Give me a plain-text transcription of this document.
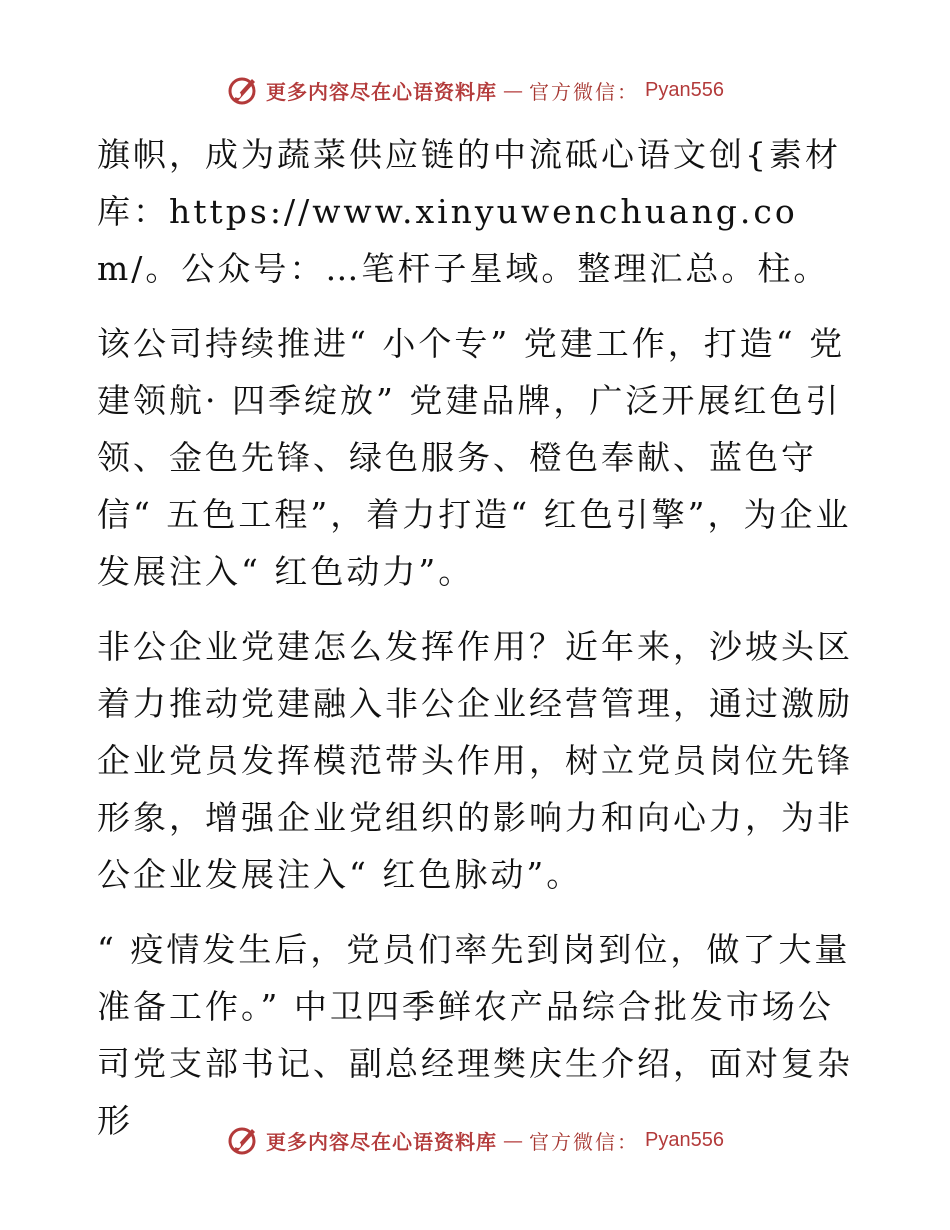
更多内容尽在心语资料库 — 官方微信： Pyan556

旗帜，成为蔬菜供应链的中流砥心语文创{素材库：https://www.xinyuwenchuang.com/。公众号：…笔杆子星域。整理汇总。柱。

该公司持续推进“ 小个专” 党建工作，打造“ 党建领航· 四季绽放” 党建品牌，广泛开展红色引领、金色先锋、绿色服务、橙色奉献、蓝色守信“ 五色工程”，着力打造“ 红色引擎”，为企业发展注入“ 红色动力”。

非公企业党建怎么发挥作用？近年来，沙坡头区着力推动党建融入非公企业经营管理，通过激励企业党员发挥模范带头作用，树立党员岗位先锋形象，增强企业党组织的影响力和向心力，为非公企业发展注入“ 红色脉动”。

“ 疫情发生后，党员们率先到岗到位，做了大量准备工作。” 中卫四季鲜农产品综合批发市场公司党支部书记、副总经理樊庆生介绍，面对复杂形

更多内容尽在心语资料库 — 官方微信： Pyan556
